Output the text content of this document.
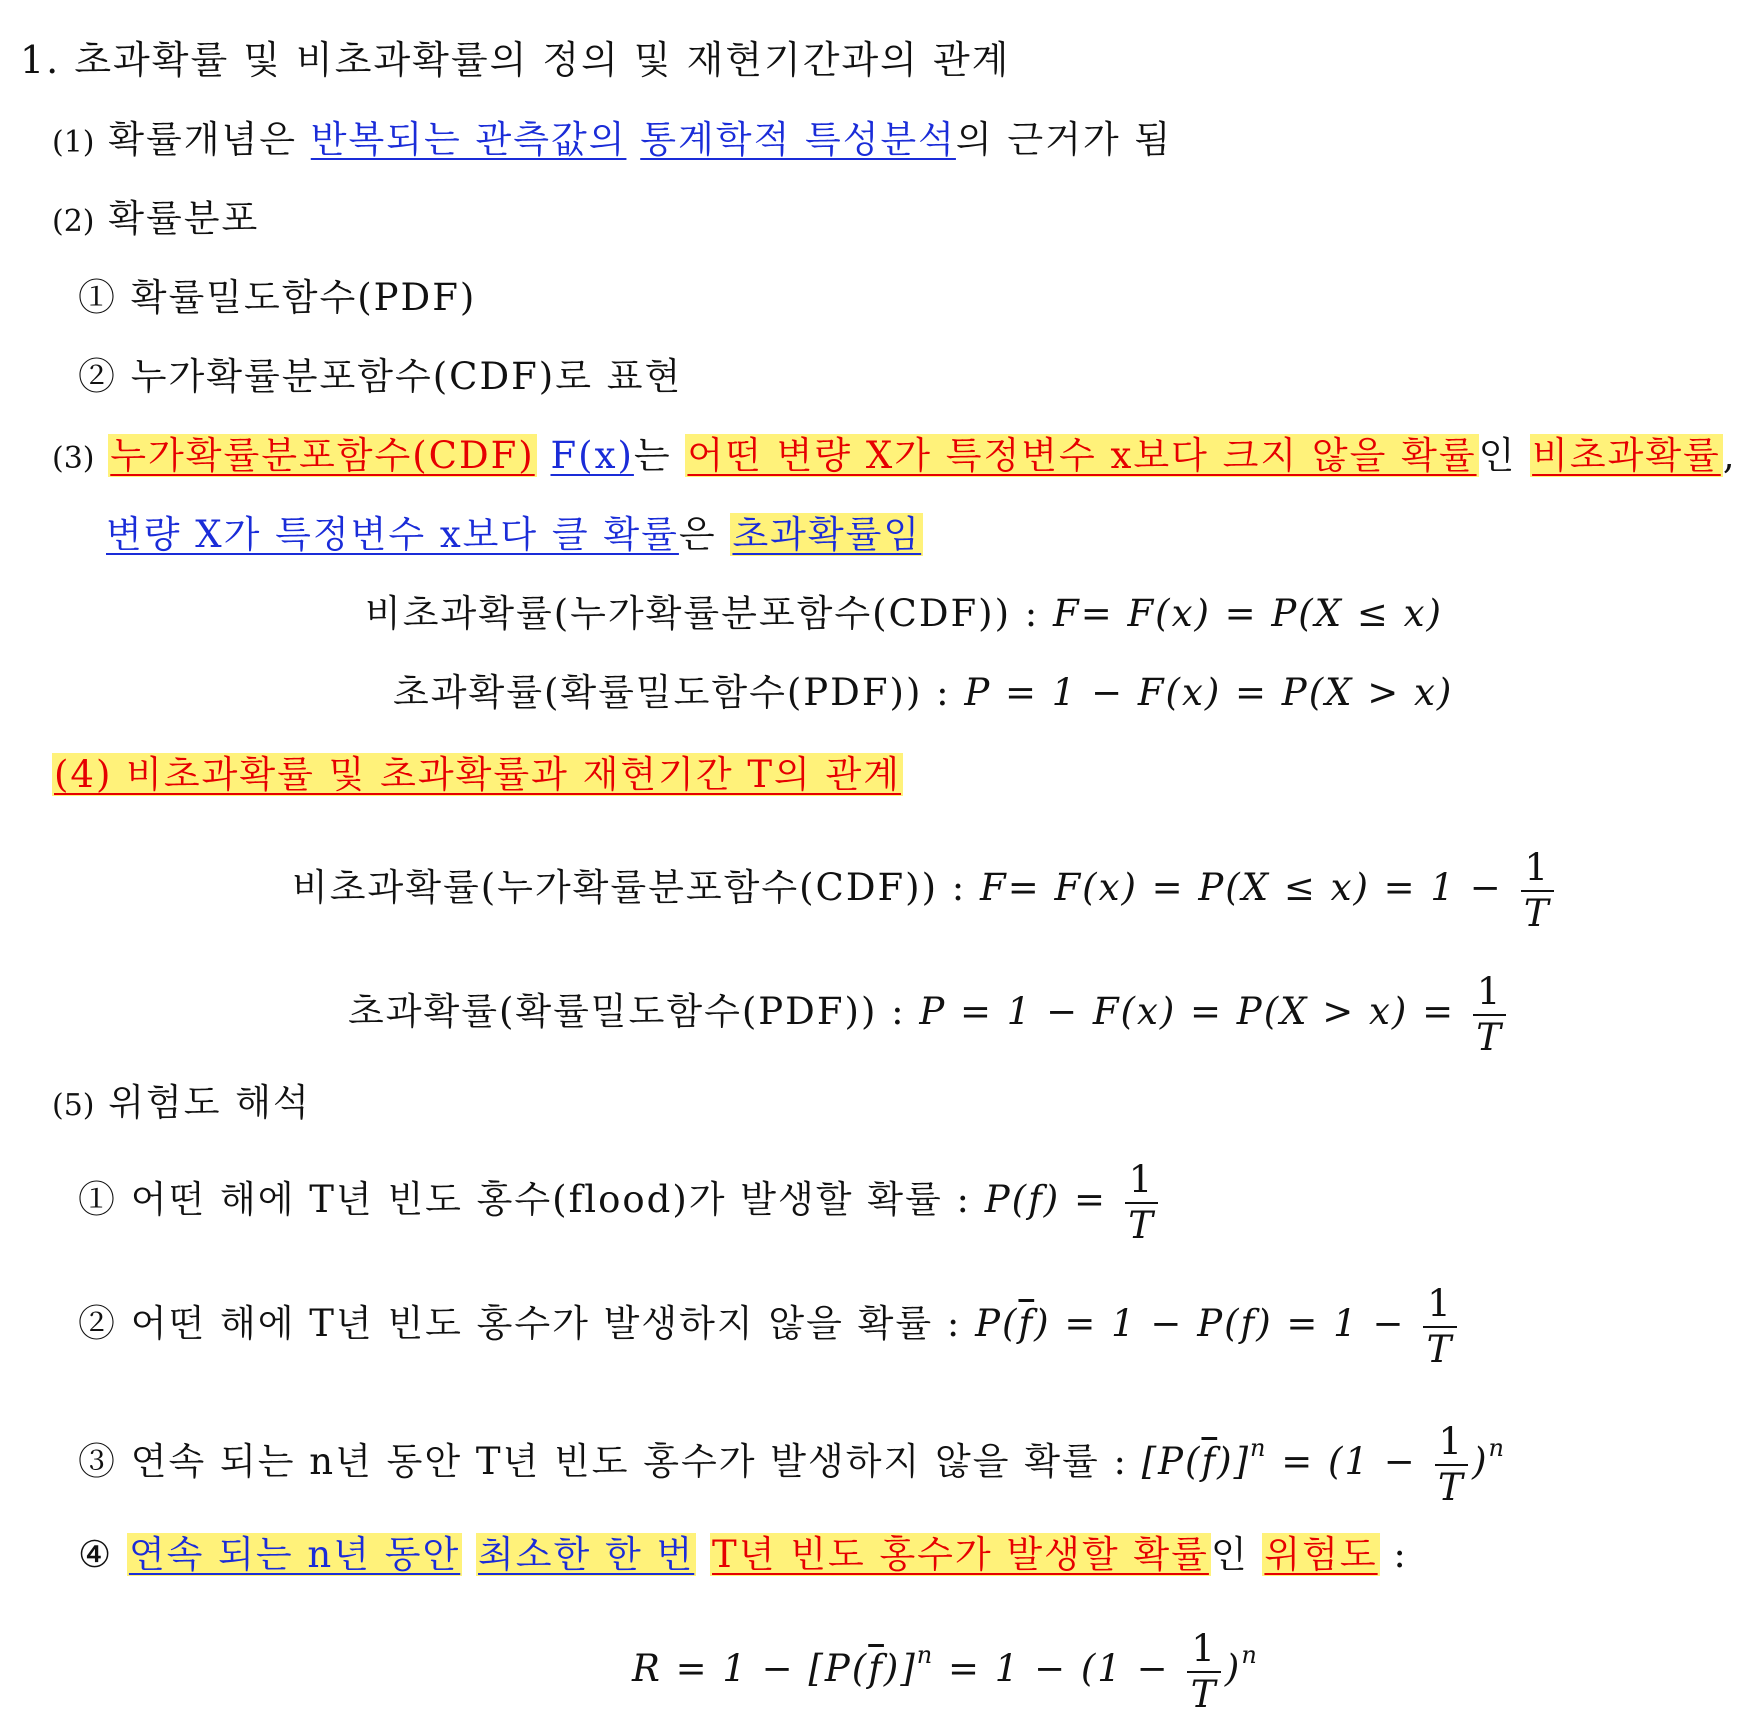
1. 초과확률 및 비초과확률의 정의 및 재현기간과의 관계
(1) 확률개념은 반복되는 관측값의 통계학적 특성분석의 근거가 됨
(2) 확률분포
① 확률밀도함수(PDF)
② 누가확률분포함수(CDF)로 표현
(3) 누가확률분포함수(CDF) F(x)는 어떤 변량 X가 특정변수 x보다 크지 않을 확률인 비초과확률,
변량 X가 특정변수 x보다 클 확률은 초과확률임
비초과확률(누가확률분포함수(CDF)) : F= F(x) = P(X ≤ x)
초과확률(확률밀도함수(PDF)) : P = 1 − F(x) = P(X > x)
(4) 비초과확률 및 초과확률과 재현기간 T의 관계
비초과확률(누가확률분포함수(CDF)) : $F= F(x) = P(X \le x) = 1 - \frac{1}{T}$
초과확률(확률밀도함수(PDF)) : $P = 1 - F(x) = P(X > x) = \frac{1}{T}$
(5) 위험도 해석
① 어떤 해에 T년 빈도 홍수(flood)가 발생할 확률 : $P(f) = \frac{1}{T}$
② 어떤 해에 T년 빈도 홍수가 발생하지 않을 확률 : $P(\overline{f}) = 1 - P(f) = 1 - \frac{1}{T}$
③ 연속 되는 n년 동안 T년 빈도 홍수가 발생하지 않을 확률 : $[P(\overline{f})]^n = (1 - \frac{1}{T} )^n$
④ 연속 되는 n년 동안 최소한 한 번 T년 빈도 홍수가 발생할 확률인 위험도 :
$R = 1 - [P(\overline{f})]^n = 1 - (1 - \frac{1}{T} )^n$
